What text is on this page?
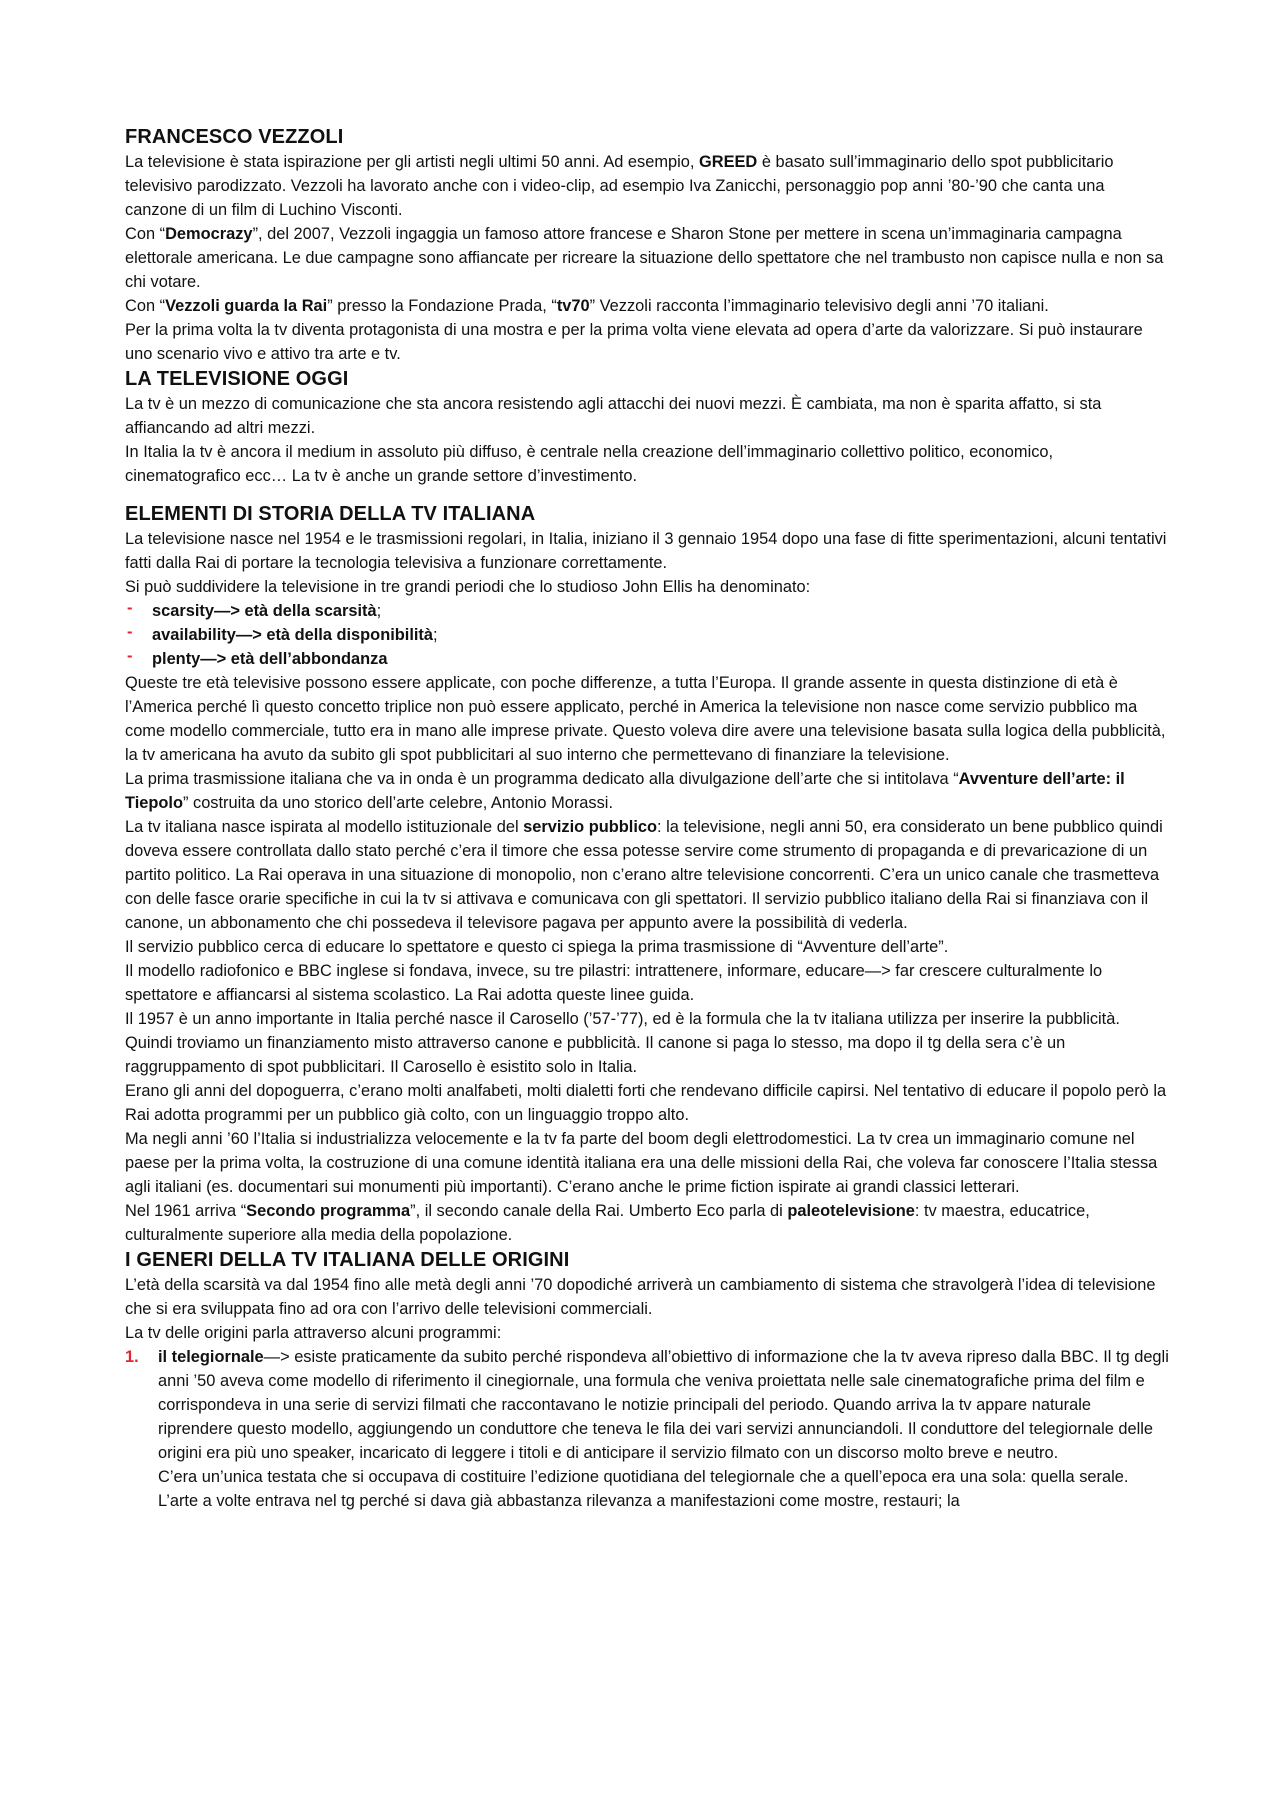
FRANCESCO VEZZOLI

La televisione è stata ispirazione per gli artisti negli ultimi 50 anni. Ad esempio, GREED è basato sull’immaginario dello spot pubblicitario televisivo parodizzato. Vezzoli ha lavorato anche con i video-clip, ad esempio Iva Zanicchi, personaggio pop anni ’80-’90 che canta una canzone di un film di Luchino Visconti.

Con “Democrazy”, del 2007, Vezzoli ingaggia un famoso attore francese e Sharon Stone per mettere in scena un’immaginaria campagna elettorale americana. Le due campagne sono affiancate per ricreare la situazione dello spettatore che nel trambusto non capisce nulla e non sa chi votare.

Con “Vezzoli guarda la Rai” presso la Fondazione Prada, “tv70” Vezzoli racconta l’immaginario televisivo degli anni ’70 italiani.

Per la prima volta la tv diventa protagonista di una mostra e per la prima volta viene elevata ad opera d’arte da valorizzare. Si può instaurare uno scenario vivo e attivo tra arte e tv.

LA TELEVISIONE OGGI

La tv è un mezzo di comunicazione che sta ancora resistendo agli attacchi dei nuovi mezzi. È cambiata, ma non è sparita affatto, si sta affiancando ad altri mezzi.

In Italia la tv è ancora il medium in assoluto più diffuso, è centrale nella creazione dell’immaginario collettivo politico, economico, cinematografico ecc… La tv è anche un grande settore d’investimento.

ELEMENTI DI STORIA DELLA TV ITALIANA

La televisione nasce nel 1954 e le trasmissioni regolari, in Italia, iniziano il 3 gennaio 1954 dopo una fase di fitte sperimentazioni, alcuni tentativi fatti dalla Rai di portare la tecnologia televisiva a funzionare correttamente.

Si può suddividere la televisione in tre grandi periodi che lo studioso John Ellis ha denominato:

- scarsity—> età della scarsità;
- availability—> età della disponibilità;
- plenty—> età dell’abbondanza

Queste tre età televisive possono essere applicate, con poche differenze, a tutta l’Europa. Il grande assente in questa distinzione di età è l’America perché lì questo concetto triplice non può essere applicato, perché in America la televisione non nasce come servizio pubblico ma come modello commerciale, tutto era in mano alle imprese private. Questo voleva dire avere una televisione basata sulla logica della pubblicità, la tv americana ha avuto da subito gli spot pubblicitari al suo interno che permettevano di finanziare la televisione.

La prima trasmissione italiana che va in onda è un programma dedicato alla divulgazione dell’arte che si intitolava “Avventure dell’arte: il Tiepolo” costruita da uno storico dell’arte celebre, Antonio Morassi.

La tv italiana nasce ispirata al modello istituzionale del servizio pubblico: la televisione, negli anni 50, era considerato un bene pubblico quindi doveva essere controllata dallo stato perché c’era il timore che essa potesse servire come strumento di propaganda e di prevaricazione di un partito politico. La Rai operava in una situazione di monopolio, non c’erano altre televisione concorrenti. C’era un unico canale che trasmetteva con delle fasce orarie specifiche in cui la tv si attivava e comunicava con gli spettatori. Il servizio pubblico italiano della Rai si finanziava con il canone, un abbonamento che chi possedeva il televisore pagava per appunto avere la possibilità di vederla.

Il servizio pubblico cerca di educare lo spettatore e questo ci spiega la prima trasmissione di “Avventure dell’arte”.

Il modello radiofonico e BBC inglese si fondava, invece, su tre pilastri: intrattenere, informare, educare—> far crescere culturalmente lo spettatore e affiancarsi al sistema scolastico. La Rai adotta queste linee guida.

Il 1957 è un anno importante in Italia perché nasce il Carosello (’57-’77), ed è la formula che la tv italiana utilizza per inserire la pubblicità. Quindi troviamo un finanziamento misto attraverso canone e pubblicità. Il canone si paga lo stesso, ma dopo il tg della sera c’è un raggruppamento di spot pubblicitari. Il Carosello è esistito solo in Italia.

Erano gli anni del dopoguerra, c’erano molti analfabeti, molti dialetti forti che rendevano difficile capirsi. Nel tentativo di educare il popolo però la Rai adotta programmi per un pubblico già colto, con un linguaggio troppo alto.

Ma negli anni ’60 l’Italia si industrializza velocemente e la tv fa parte del boom degli elettrodomestici. La tv crea un immaginario comune nel paese per la prima volta, la costruzione di una comune identità italiana era una delle missioni della Rai, che voleva far conoscere l’Italia stessa agli italiani (es. documentari sui monumenti più importanti). C’erano anche le prime fiction ispirate ai grandi classici letterari.

Nel 1961 arriva “Secondo programma”, il secondo canale della Rai. Umberto Eco parla di paleotelevisione: tv maestra, educatrice, culturalmente superiore alla media della popolazione.

I GENERI DELLA TV ITALIANA DELLE ORIGINI

L’età della scarsità va dal 1954 fino alle metà degli anni ’70 dopodiché arriverà un cambiamento di sistema che stravolgerà l’idea di televisione che si era sviluppata fino ad ora con l’arrivo delle televisioni commerciali.

La tv delle origini parla attraverso alcuni programmi:

1. il telegiornale—> esiste praticamente da subito perché rispondeva all’obiettivo di informazione che la tv aveva ripreso dalla BBC. Il tg degli anni ’50 aveva come modello di riferimento il cinegiornale, una formula che veniva proiettata nelle sale cinematografiche prima del film e corrispondeva in una serie di servizi filmati che raccontavano le notizie principali del periodo. Quando arriva la tv appare naturale riprendere questo modello, aggiungendo un conduttore che teneva le fila dei vari servizi annunciandoli. Il conduttore del telegiornale delle origini era più uno speaker, incaricato di leggere i titoli e di anticipare il servizio filmato con un discorso molto breve e neutro.

C’era un’unica testata che si occupava di costituire l’edizione quotidiana del telegiornale che a quell’epoca era una sola: quella serale.

L’arte a volte entrava nel tg perché si dava già abbastanza rilevanza a manifestazioni come mostre, restauri; la
